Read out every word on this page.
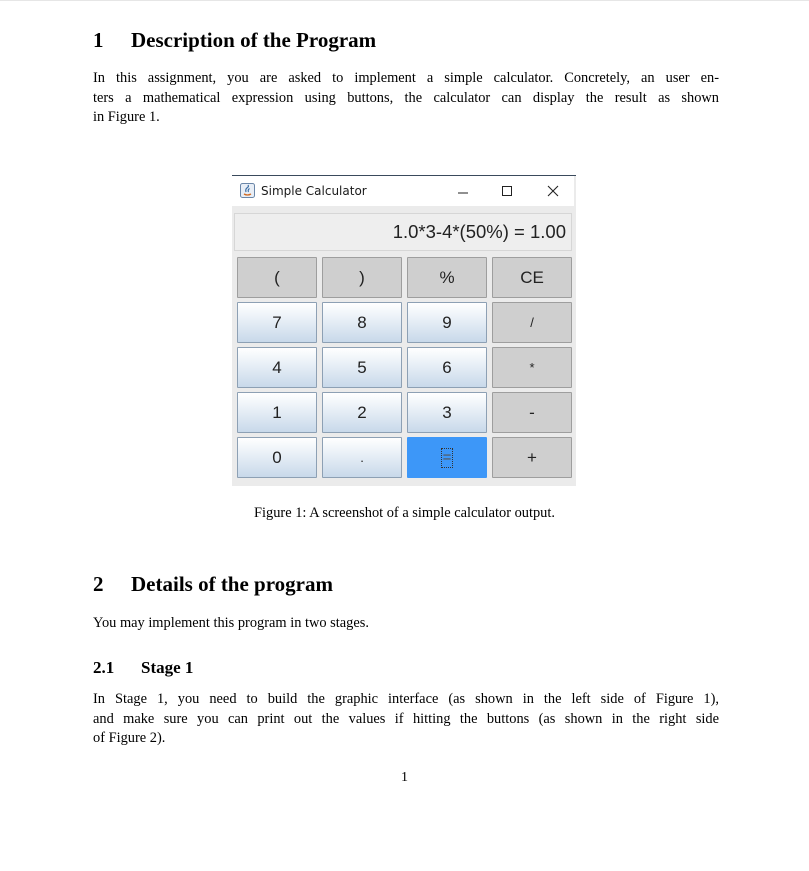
1 Description of the Program
In this assignment, you are asked to implement a simple calculator. Concretely, an user en-
ters a mathematical expression using buttons, the calculator can display the result as shown
in Figure 1.
Simple Calculator
1.0*3-4*(50%) = 1.00
(	)	%	CE
7	8	9	/
4	5	6	*
1	2	3	-
0	.	=	+
Figure 1: A screenshot of a simple calculator output.
2 Details of the program
You may implement this program in two stages.
2.1 Stage 1
In Stage 1, you need to build the graphic interface (as shown in the left side of Figure 1),
and make sure you can print out the values if hitting the buttons (as shown in the right side
of Figure 2).
1
